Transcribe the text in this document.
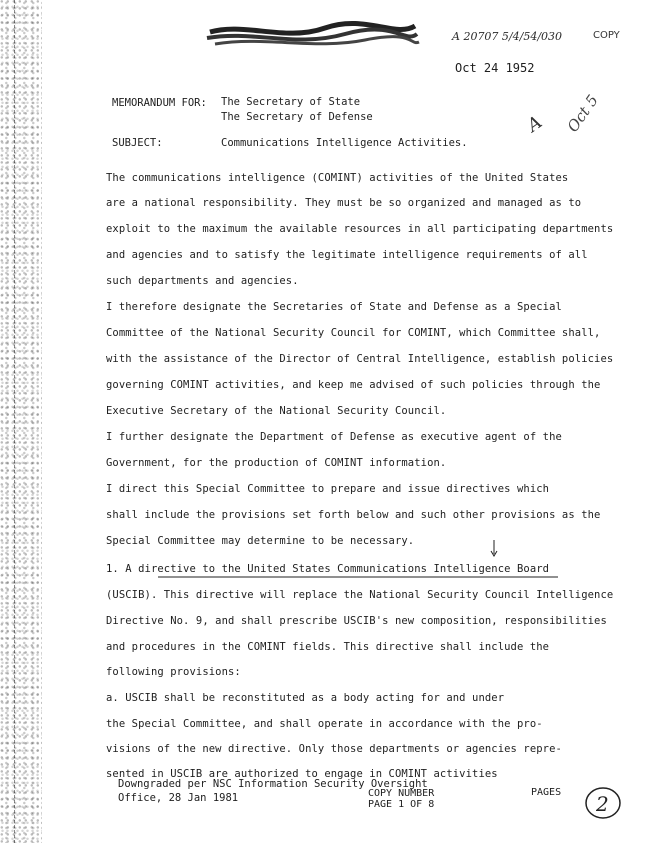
A 20707 5/4/54/030	COPY
Oct 24 1952
A Oct 5
MEMORANDUM FOR: The Secretary of State
The Secretary of Defense
SUBJECT:	Communications Intelligence Activities.
The communications intelligence (COMINT) activities of the United States
are a national responsibility. They must be so organized and managed as to
exploit to the maximum the available resources in all participating departments
and agencies and to satisfy the legitimate intelligence requirements of all
such departments and agencies.
I therefore designate the Secretaries of State and Defense as a Special
Committee of the National Security Council for COMINT, which Committee shall,
with the assistance of the Director of Central Intelligence, establish policies
governing COMINT activities, and keep me advised of such policies through the
Executive Secretary of the National Security Council.
I further designate the Department of Defense as executive agent of the
Government, for the production of COMINT information.
I direct this Special Committee to prepare and issue directives which
shall include the provisions set forth below and such other provisions as the
Special Committee may determine to be necessary.
1. A directive to the United States Communications Intelligence Board
(USCIB). This directive will replace the National Security Council Intelligence
Directive No. 9, and shall prescribe USCIB's new composition, responsibilities
and procedures in the COMINT fields. This directive shall include the
following provisions:
a. USCIB shall be reconstituted as a body acting for and under
the Special Committee, and shall operate in accordance with the pro-
visions of the new directive. Only those departments or agencies repre-
sented in USCIB are authorized to engage in COMINT activities
Downgraded per NSC Information Security Oversight
Office, 28 Jan 1981	COPY NUMBER
PAGE 1 OF 8
PAGES 2
